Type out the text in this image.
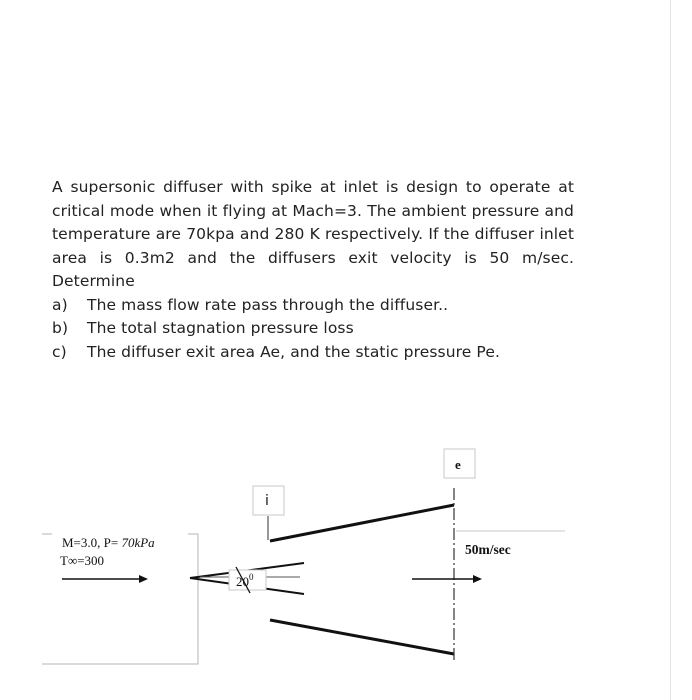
A supersonic diffuser with spike at inlet is design to operate at critical mode when it flying at Mach=3. The ambient pressure and temperature are 70kpa and 280 K respectively. If the diffuser inlet area is 0.3m2 and the diffusers exit velocity is 50 m/sec. Determine

a)	The mass flow rate pass through the diffuser..
b)	The total stagnation pressure loss
c)	The diffuser exit area Ae, and the static pressure Pe.
M=3.0, P= 70kPa
T∞=300
i
e
50m/sec
$20^0$
